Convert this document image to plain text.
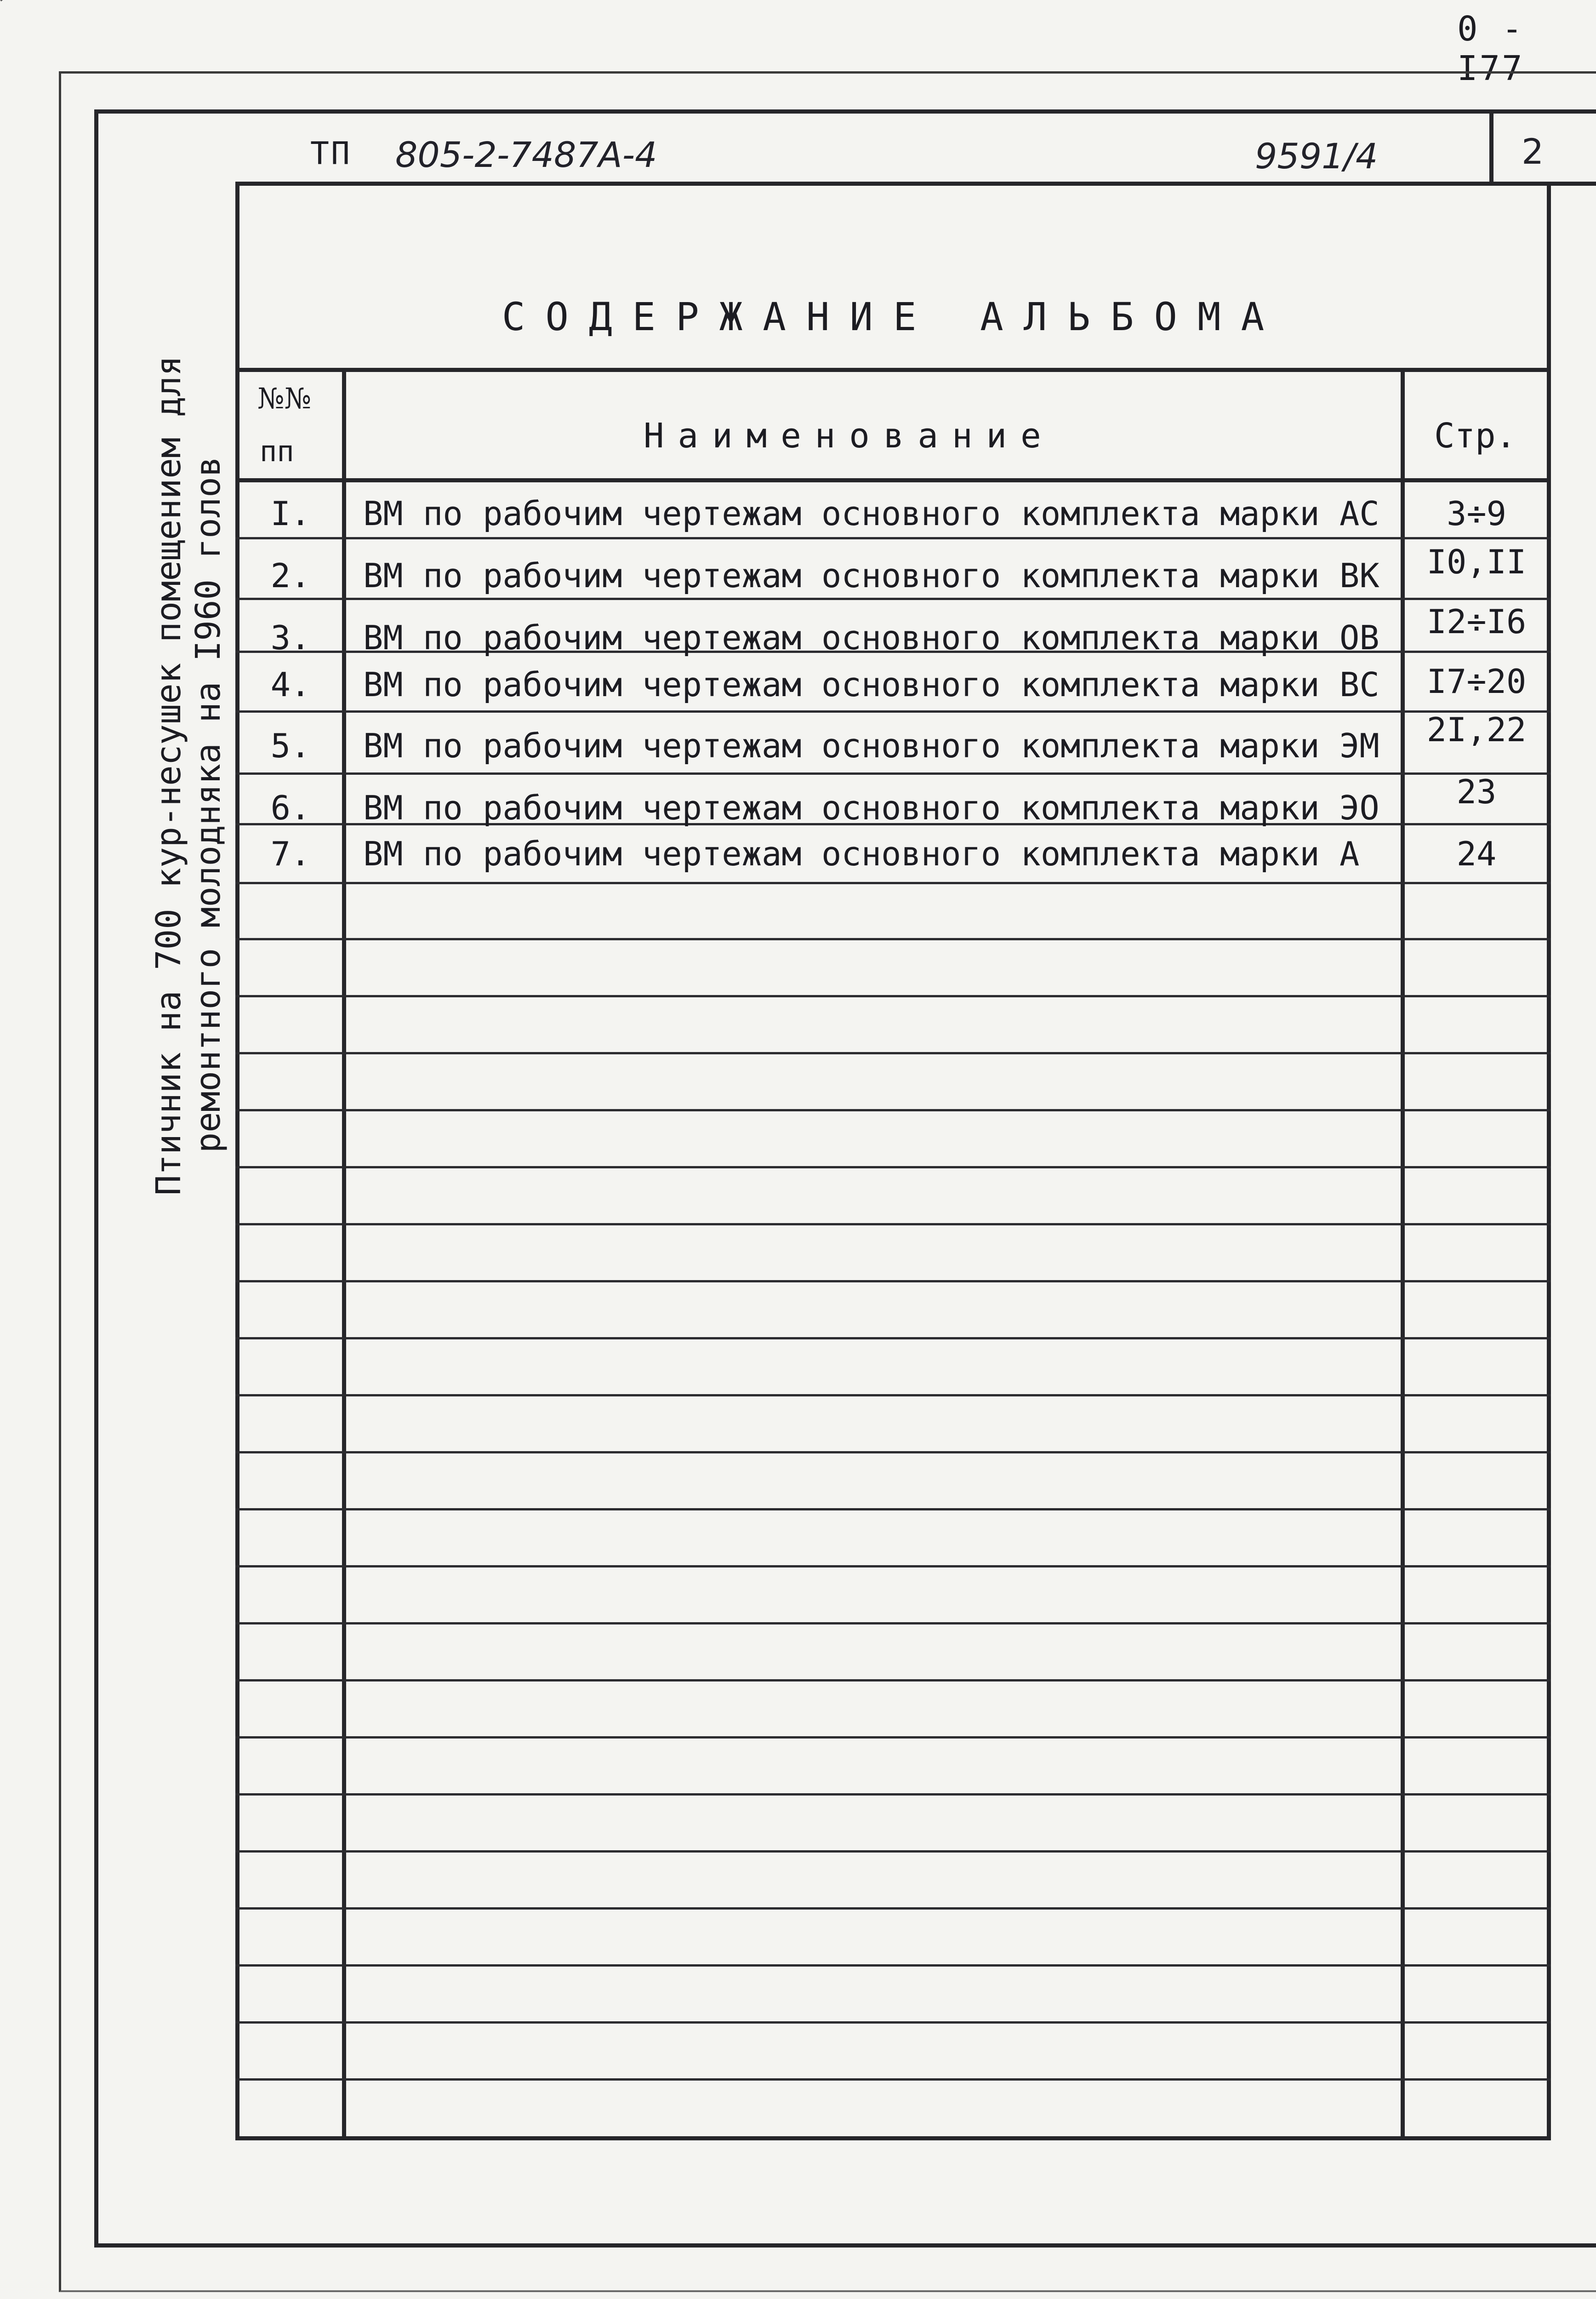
0 - I77
ТП 805-2-7487А-4	9591/4	2
Птичник на 700 кур-несушек помещением для ремонтного молодняка на I960 голов
СОДЕРЖАНИЕ АЛЬБОМА
№№
пп	Наименование	Стр.
I.	ВМ по рабочим чертежам основного комплекта марки АС	3÷9
2.	ВМ по рабочим чертежам основного комплекта марки ВК	I0,II
3.	ВМ по рабочим чертежам основного комплекта марки ОВ	I2÷I6
4.	ВМ по рабочим чертежам основного комплекта марки ВС	I7÷20
5.	ВМ по рабочим чертежам основного комплекта марки ЭМ	2I,22
6.	ВМ по рабочим чертежам основного комплекта марки ЭО	23
7.	ВМ по рабочим чертежам основного комплекта марки А	24
